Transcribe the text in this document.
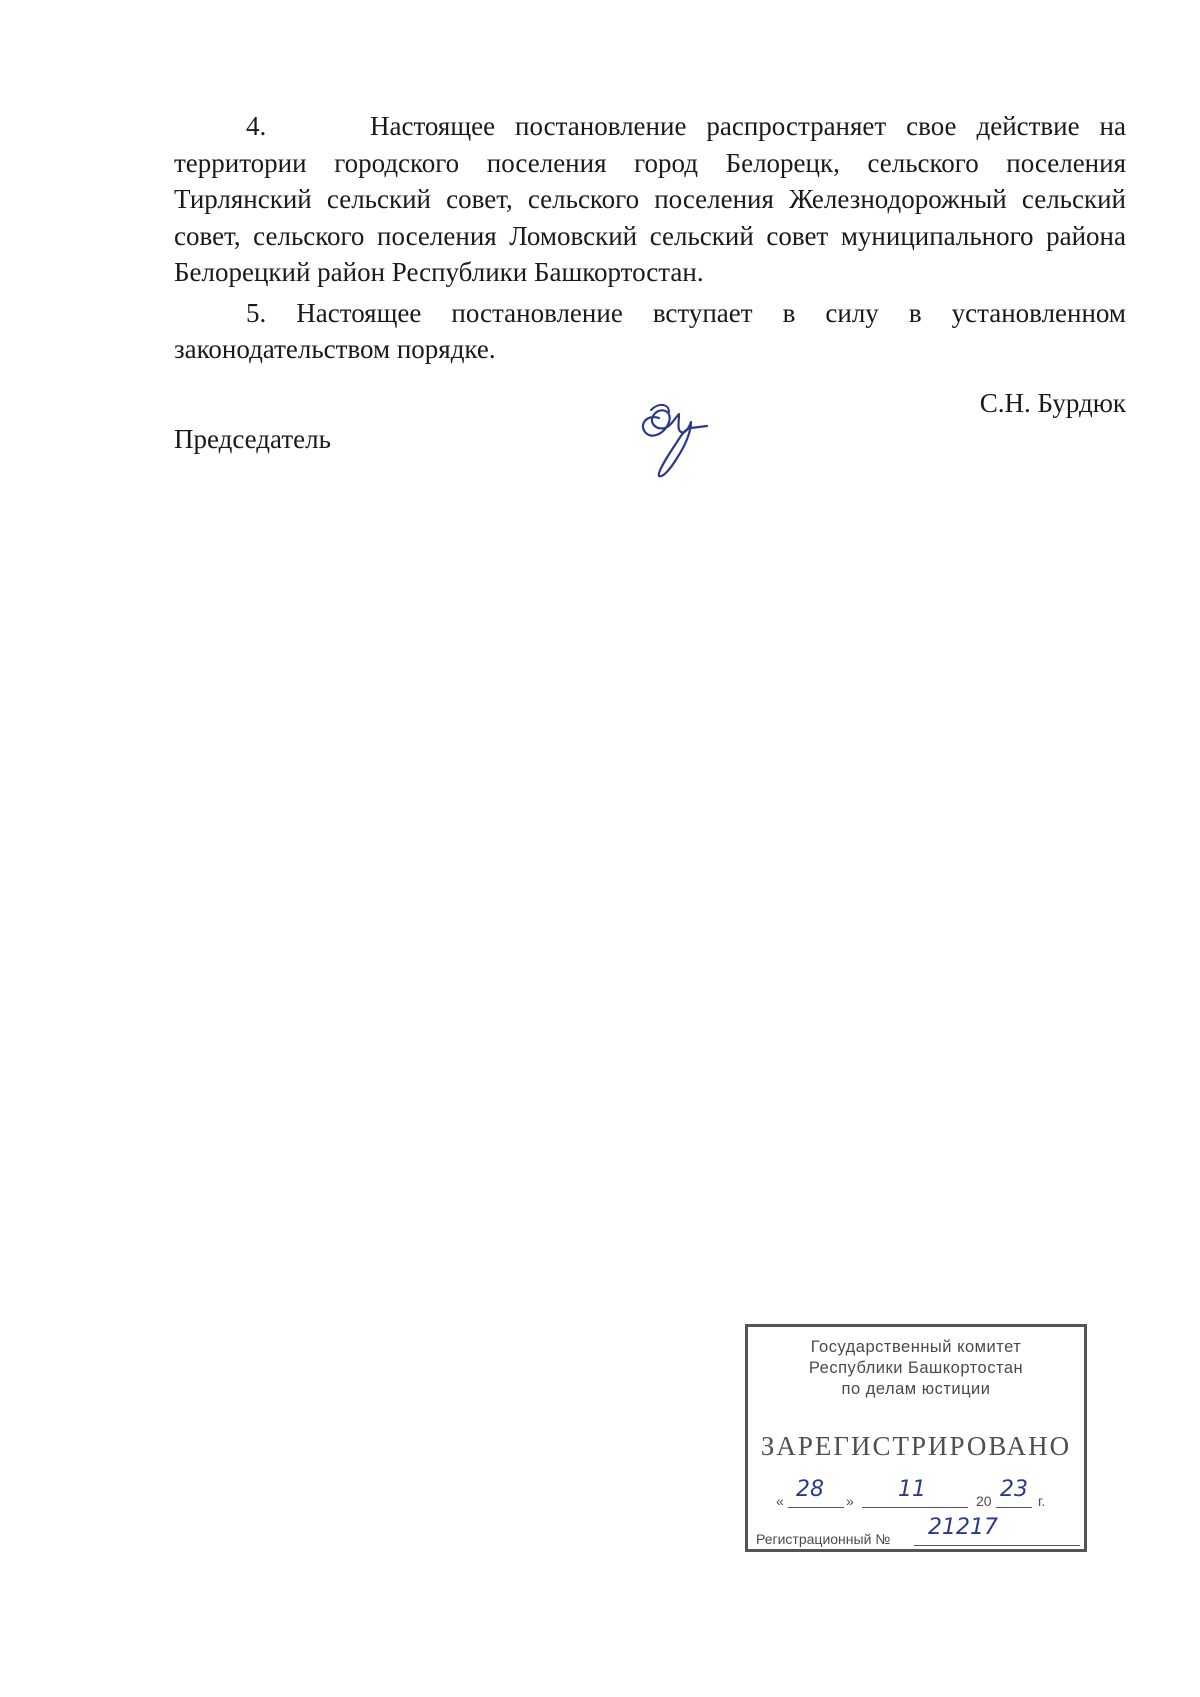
4.	Настоящее постановление распространяет свое действие на территории городского поселения город Белорецк, сельского поселения Тирлянский сельский совет, сельского поселения Железнодорожный сельский совет, сельского поселения Ломовский сельский совет муниципального района Белорецкий район Республики Башкортостан.

5. Настоящее постановление вступает в силу в установленном законодательством порядке.

Председатель
С.Н. Бурдюк
Государственный комитет
Республики Башкортостан
по делам юстиции
ЗАРЕГИСТРИРОВАНО
« 28 » 11	20 23 г.
Регистрационный № 21217
